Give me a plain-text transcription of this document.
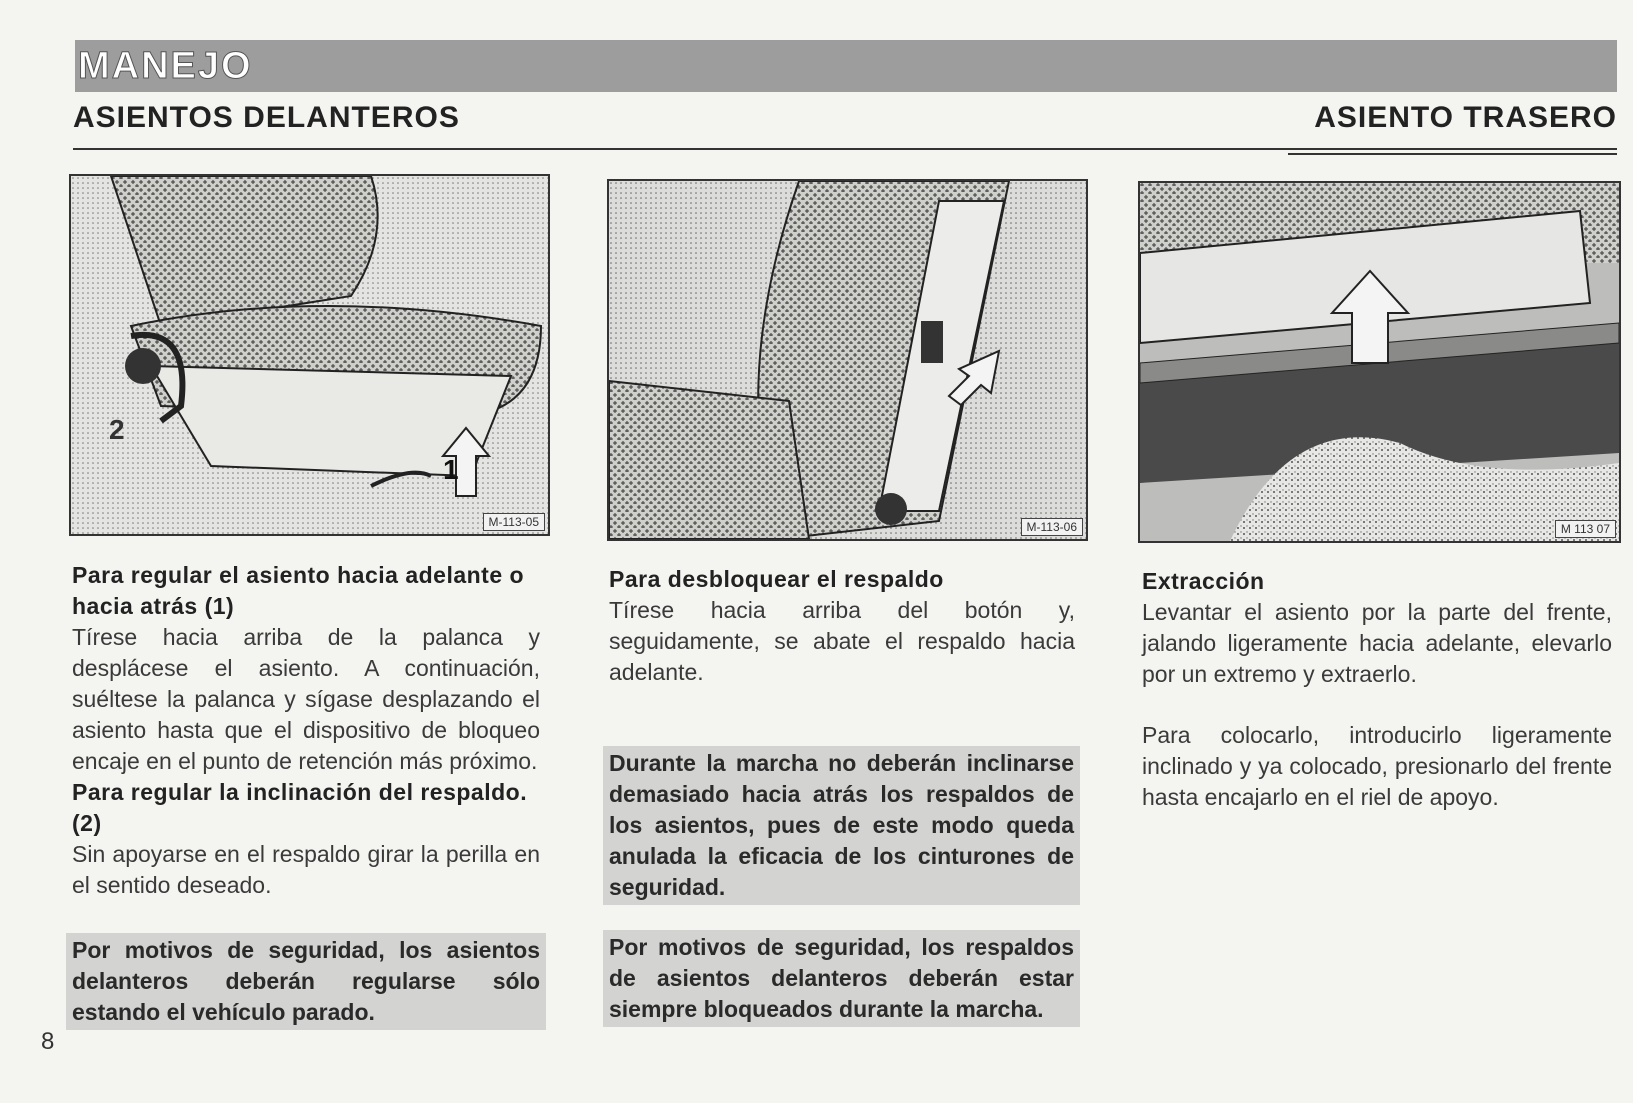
MANEJO
ASIENTOS DELANTEROS	ASIENTO TRASERO
M-113-05
1
2
M-113-06	M 113 07

Para regular el asiento hacia adelante o hacia atrás (1)

Tírese hacia arriba de la palanca y desplácese el asiento. A continuación, suéltese la palanca y sígase desplazando el asiento hasta que el dispositivo de bloqueo encaje en el punto de retención más próximo.

Para regular la inclinación del respaldo. (2)

Sin apoyarse en el respaldo girar la perilla en el sentido deseado.

Por motivos de seguridad, los asientos delanteros deberán regularse sólo estando el vehículo parado.

Para desbloquear el respaldo

Tírese hacia arriba del botón y, seguidamente, se abate el respaldo hacia adelante.

Durante la marcha no deberán inclinarse demasiado hacia atrás los respaldos de los asientos, pues de este modo queda anulada la eficacia de los cinturones de seguridad.
Por motivos de seguridad, los respaldos de asientos delanteros deberán estar siempre bloqueados durante la marcha.

Extracción

Levantar el asiento por la parte del frente, jalando ligeramente hacia adelante, elevarlo por un extremo y extraerlo.

Para colocarlo, introducirlo ligeramente inclinado y ya colocado, presionarlo del frente hasta encajarlo en el riel de apoyo.

8
